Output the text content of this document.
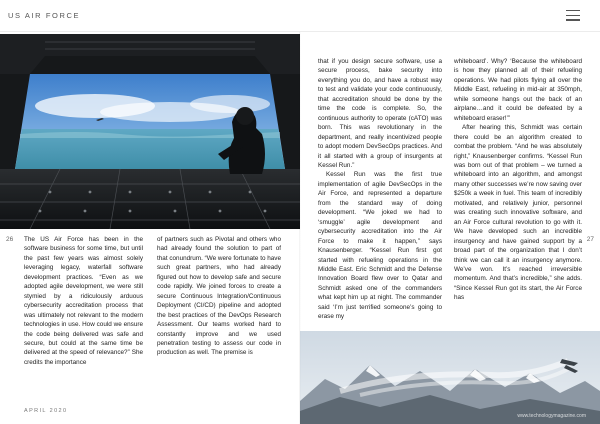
US AIR FORCE
26 The US Air Force has been in the software business for some time, but until the past few years was almost solely leveraging legacy, waterfall software development practices. “Even as we adopted agile development, we were still stymied by a ridiculously arduous cybersecurity accreditation process that was ultimately not relevant to the modern technologies in use. How could we ensure the code being delivered was safe and secure, but could at the same time be delivered at the speed of relevance?” She credits the importance

of partners such as Pivotal and others who had already found the solution to part of that conundrum. “We were fortunate to have such great partners, who had already figured out how to develop safe and secure code rapidly. We joined forces to create a secure Continuous Integration/Continuous Deployment (CI/CD) pipeline and adopted the best practices of the DevOps Research Assessment. Our teams worked hard to constantly improve and we used penetration testing to assess our code in production as well. The premise is

APRIL 2020
27

that if you design secure software, use a secure process, bake security into everything you do, and have a robust way to test and validate your code continuously, that accreditation should be done by the time the code is complete. So, the continuous authority to operate (cATO) was born. This was revolutionary in the department, and really incentivized people to adopt modern DevSecOps practices. And it all started with a group of insurgents at Kessel Run.”

Kessel Run was the first true implementation of agile DevSecOps in the Air Force, and represented a departure from the standard way of doing development. “We joked we had to ‘smuggle’ agile development and cybersecurity accreditation into the Air Force to make it happen,” says Knausenberger. “Kessel Run first got started with refueling operations in the Middle East. Eric Schmidt and the Defense Innovation Board flew over to Qatar and Schmidt asked one of the commanders what kept him up at night. The commander said ‘I’m just terrified someone’s going to erase my

whiteboard’. Why? ‘Because the whiteboard is how they planned all of their refueling operations. We had pilots flying all over the Middle East, refueling in mid-air at 350mph, while someone hangs out the back of an airplane…and it could be defeated by a whiteboard eraser!’”

After hearing this, Schmidt was certain there could be an algorithm created to combat the problem. “And he was absolutely right,” Knausenberger confirms. “Kessel Run was born out of that problem – we turned a whiteboard into an algorithm, and amongst many other successes we’re now saving over $250k a week in fuel. This team of incredibly motivated, and relatively junior, personnel was creating such innovative software, and an Air Force cultural revolution to go with it. We have developed such an incredible insurgency and have gained support by a broad part of the organization that I don’t think we can call it an insurgency anymore. We’ve won. It’s reached irreversible momentum. And that’s incredible,” she adds. “Since Kessel Run got its start, the Air Force has

www.technologymagazine.com
